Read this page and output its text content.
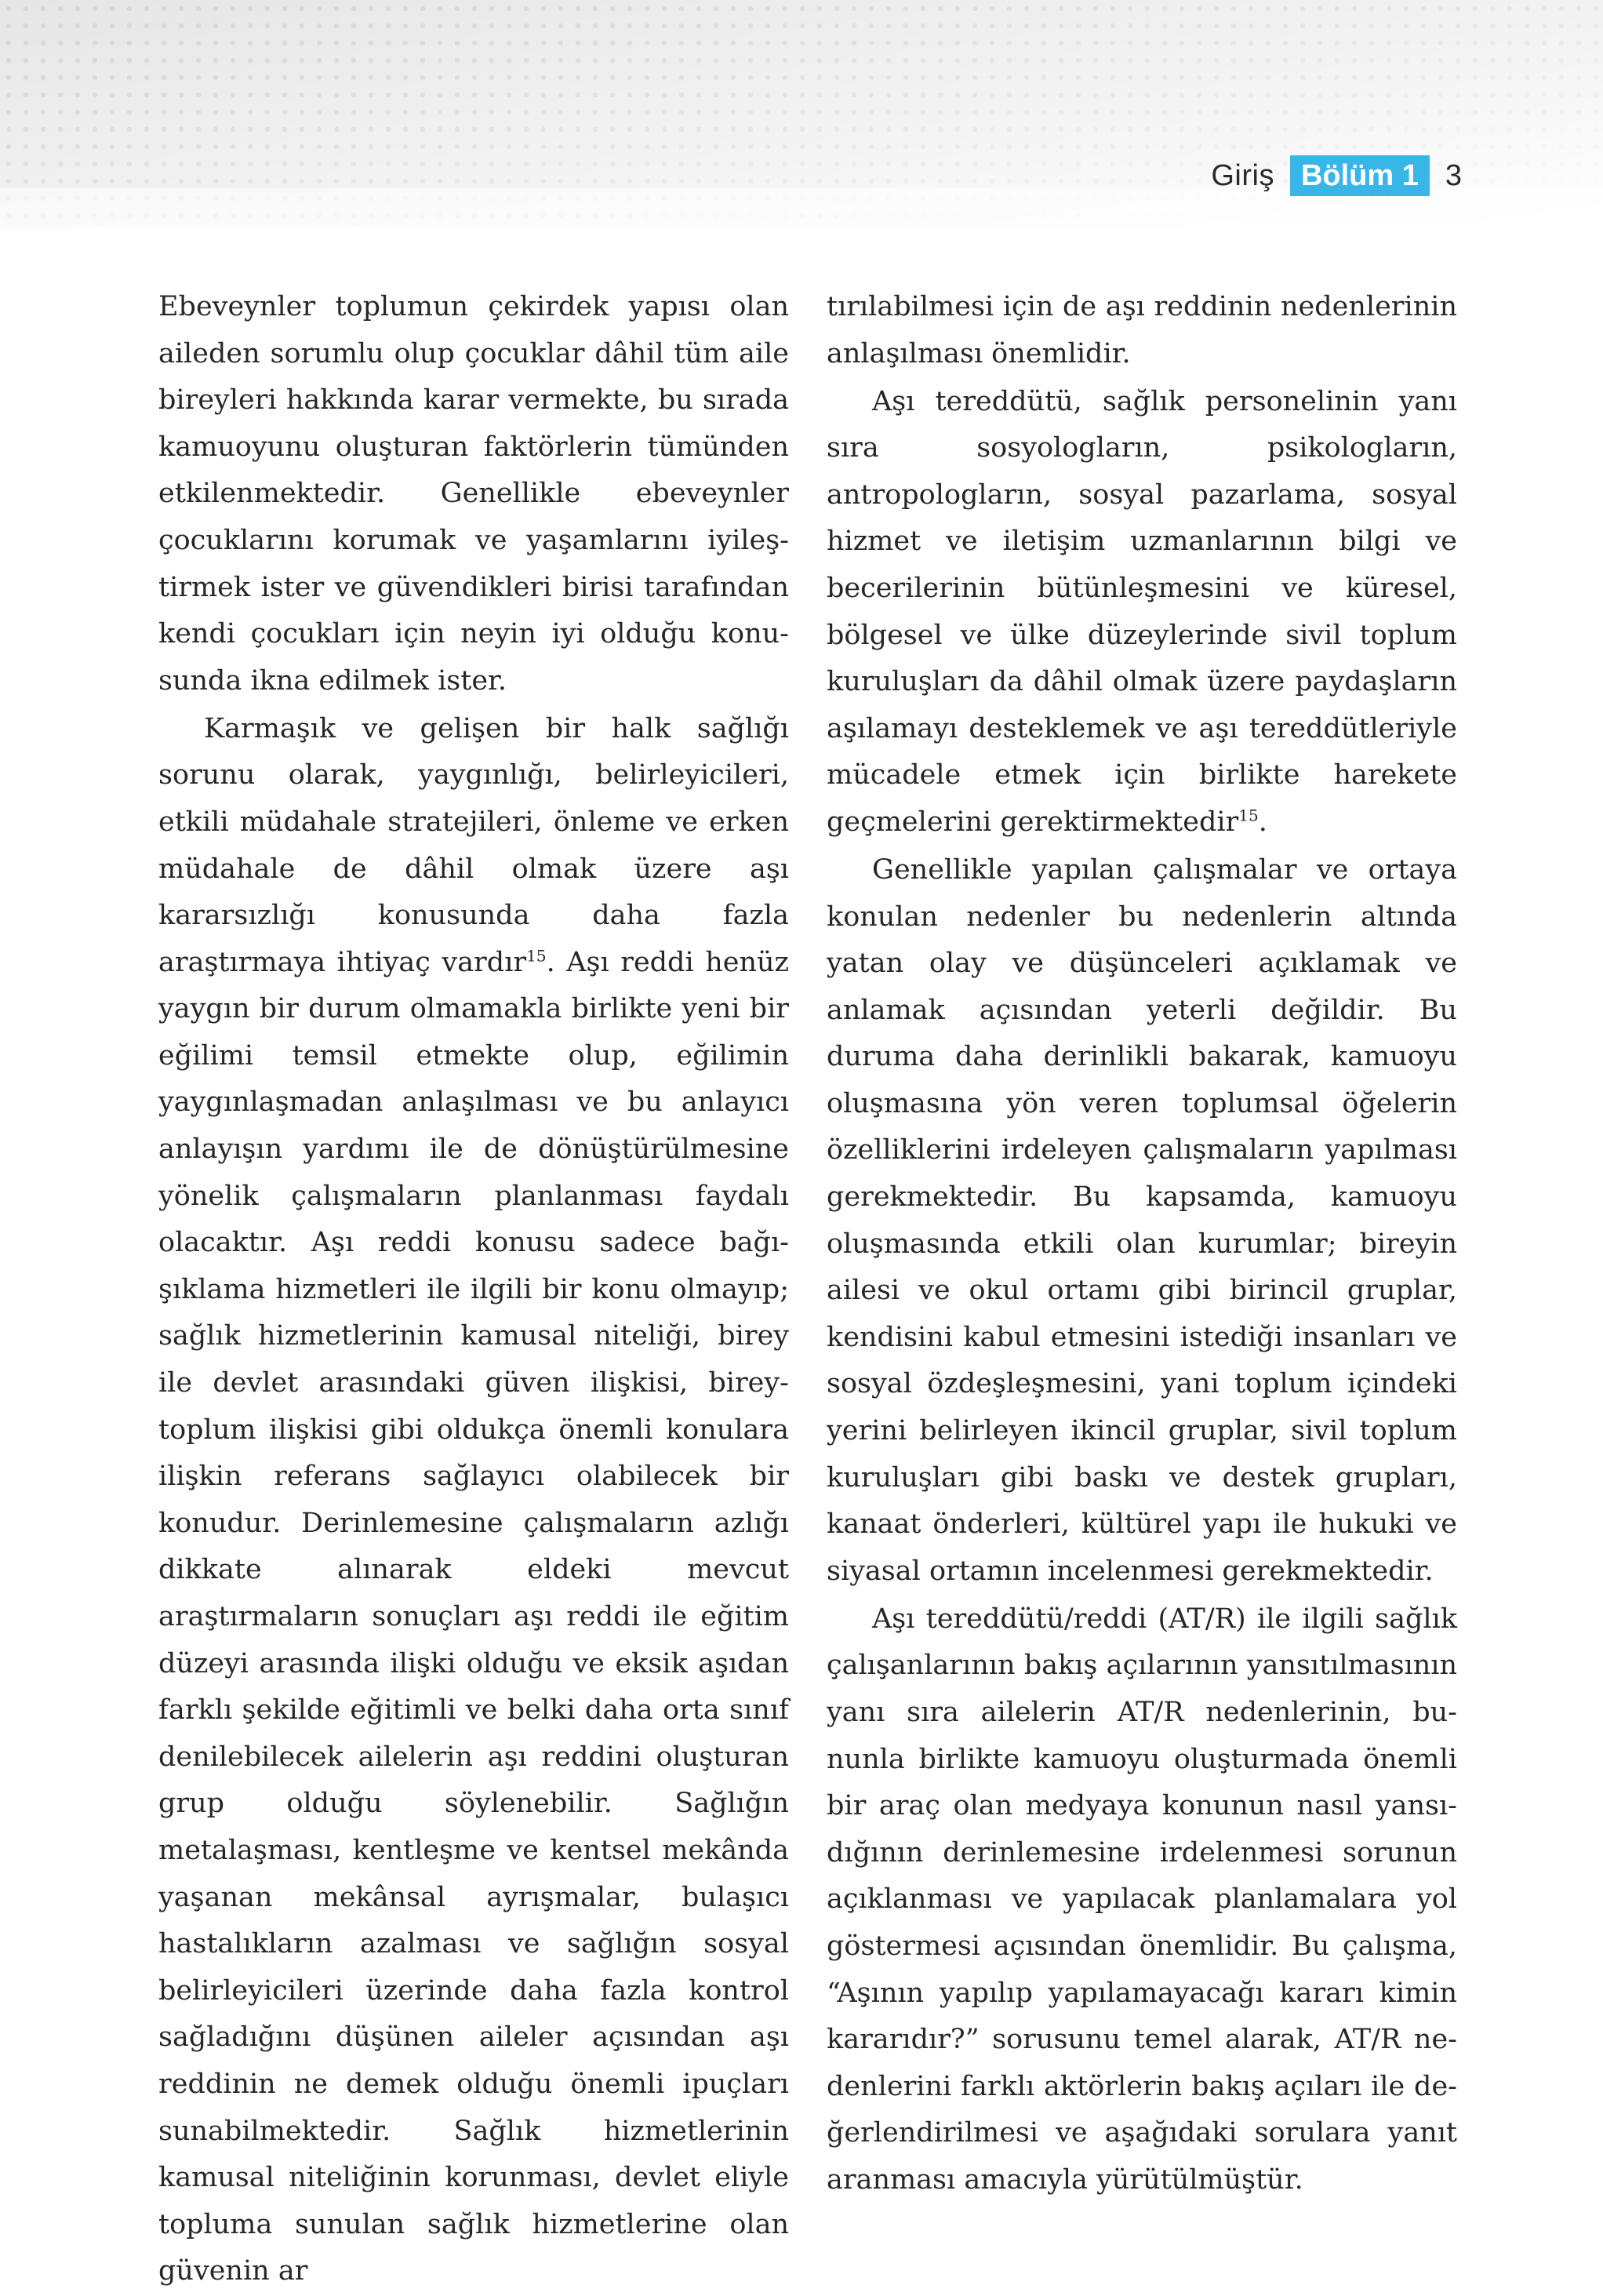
Giriş Bölüm 1 3

Ebeveynler toplumun çekirdek yapısı olan aileden sorumlu olup çocuklar dâhil tüm aile bireyleri hakkında karar vermekte, bu sırada kamuoyunu oluşturan faktörlerin tümünden etkilenmektedir. Genellikle ebeveynler çocuklarını korumak ve yaşamlarını iyileştirmek ister ve güvendikleri birisi tarafından kendi çocukları için neyin iyi olduğu konusunda ikna edilmek ister.

Karmaşık ve gelişen bir halk sağlığı sorunu olarak, yaygınlığı, belirleyicileri, etkili müdahale stratejileri, önleme ve erken müdahale de dâhil olmak üzere aşı kararsızlığı konusunda daha fazla araştırmaya ihtiyaç vardır$^{15}$. Aşı reddi henüz yaygın bir durum olmamakla birlikte yeni bir eğilimi temsil etmekte olup, eğilimin yaygınlaşmadan anlaşılması ve bu anlayıcı anlayışın yardımı ile de dönüştürülmesine yönelik çalışmaların planlanması faydalı olacaktır. Aşı reddi konusu sadece bağışıklama hizmetleri ile ilgili bir konu olmayıp; sağlık hizmetlerinin kamusal niteliği, birey ile devlet arasındaki güven ilişkisi, birey-toplum ilişkisi gibi oldukça önemli konulara ilişkin referans sağlayıcı olabilecek bir konudur. Derinlemesine çalışmaların azlığı dikkate alınarak eldeki mevcut araştırmaların sonuçları aşı reddi ile eğitim düzeyi arasında ilişki olduğu ve eksik aşıdan farklı şekilde eğitimli ve belki daha orta sınıf denilebilecek ailelerin aşı reddini oluşturan grup olduğu söylenebilir. Sağlığın metalaşması, kentleşme ve kentsel mekânda yaşanan mekânsal ayrışmalar, bulaşıcı hastalıkların azalması ve sağlığın sosyal belirleyicileri üzerinde daha fazla kontrol sağladığını düşünen aileler açısından aşı reddinin ne demek olduğu önemli ipuçları sunabilmektedir. Sağlık hizmetlerinin kamusal niteliğinin korunması, devlet eliyle topluma sunulan sağlık hizmetlerine olan güvenin ar

tırılabilmesi için de aşı reddinin nedenlerinin anlaşılması önemlidir.

Aşı tereddütü, sağlık personelinin yanı sıra sosyologların, psikologların, antropologların, sosyal pazarlama, sosyal hizmet ve iletişim uzmanlarının bilgi ve becerilerinin bütünleşmesini ve küresel, bölgesel ve ülke düzeylerinde sivil toplum kuruluşları da dâhil olmak üzere paydaşların aşılamayı desteklemek ve aşı tereddütleriyle mücadele etmek için birlikte harekete geçmelerini gerektirmektedir$^{15}$.

Genellikle yapılan çalışmalar ve ortaya konulan nedenler bu nedenlerin altında yatan olay ve düşünceleri açıklamak ve anlamak açısından yeterli değildir. Bu duruma daha derinlikli bakarak, kamuoyu oluşmasına yön veren toplumsal öğelerin özelliklerini irdeleyen çalışmaların yapılması gerekmektedir. Bu kapsamda, kamuoyu oluşmasında etkili olan kurumlar; bireyin ailesi ve okul ortamı gibi birincil gruplar, kendisini kabul etmesini istediği insanları ve sosyal özdeşleşmesini, yani toplum içindeki yerini belirleyen ikincil gruplar, sivil toplum kuruluşları gibi baskı ve destek grupları, kanaat önderleri, kültürel yapı ile hukuki ve siyasal ortamın incelenmesi gerekmektedir.

Aşı tereddütü/reddi (AT/R) ile ilgili sağlık çalışanlarının bakış açılarının yansıtılmasının yanı sıra ailelerin AT/R nedenlerinin, bununla birlikte kamuoyu oluşturmada önemli bir araç olan medyaya konunun nasıl yansıdığının derinlemesine irdelenmesi sorunun açıklanması ve yapılacak planlamalara yol göstermesi açısından önemlidir. Bu çalışma, “Aşının yapılıp yapılamayacağı kararı kimin kararıdır?” sorusunu temel alarak, AT/R nedenlerini farklı aktörlerin bakış açıları ile değerlendirilmesi ve aşağıdaki sorulara yanıt aranması amacıyla yürütülmüştür.
